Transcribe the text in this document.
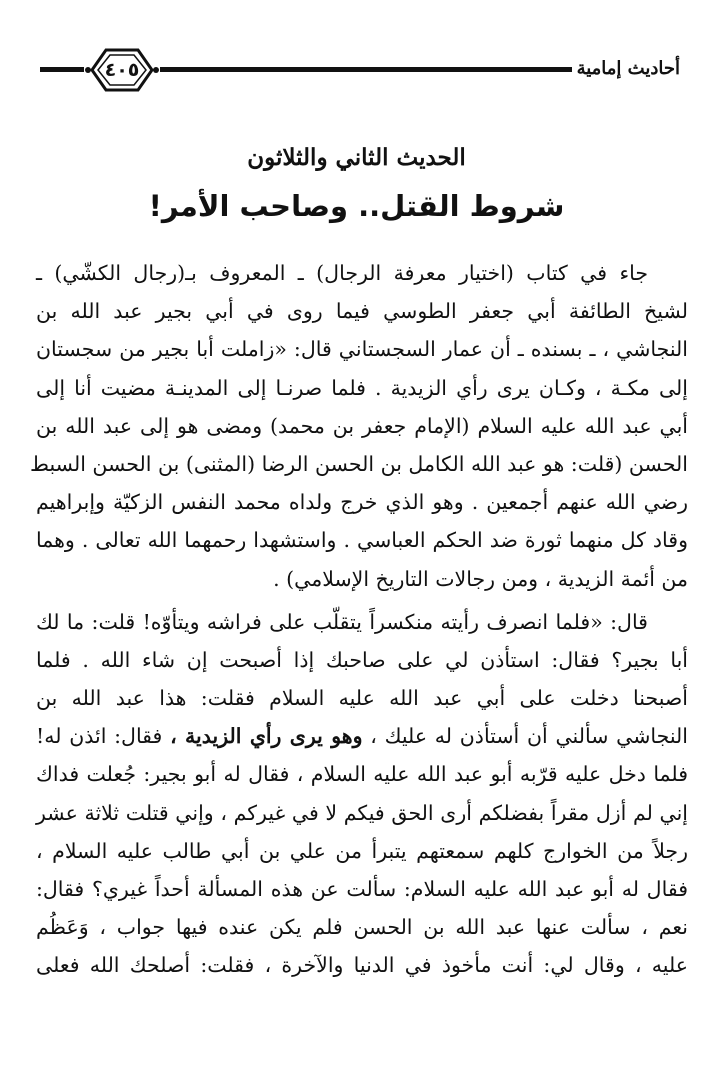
٤٠٥	أحاديث إمامية
الحديث الثاني والثلاثون
شروط القتل.. وصاحب الأمر!
جاء في كتاب (اختيار معرفة الرجال) ـ المعروف بـ(رجال الكشّي) ـ
لشيخ الطائفة أبي جعفر الطوسي فيما روى في أبي بجير عبد الله بن
النجاشي ، ـ بسنده ـ أن عمار السجستاني قال: «زاملت أبا بجير من سجستان
إلى مكـة ، وكـان يرى رأي الزيدية . فلما صرنـا إلى المدينـة مضيت أنا إلى
أبي عبد الله عليه السلام (الإمام جعفر بن محمد) ومضى هو إلى عبد الله بن
الحسن (قلت: هو عبد الله الكامل بن الحسن الرضا (المثنى) بن الحسن السبط
رضي الله عنهم أجمعين . وهو الذي خرج ولداه محمد النفس الزكيّة وإبراهيم
وقاد كل منهما ثورة ضد الحكم العباسي . واستشهدا رحمهما الله تعالى . وهما
من أئمة الزيدية ، ومن رجالات التاريخ الإسلامي) .
قال: «فلما انصرف رأيته منكسراً يتقلّب على فراشه ويتأوّه! قلت: ما لك
أبا بجير؟ فقال: استأذن لي على صاحبك إذا أصبحت إن شاء الله . فلما
أصبحنا دخلت على أبي عبد الله عليه السلام فقلت: هذا عبد الله بن
النجاشي سألني أن أستأذن له عليك ، وهو يرى رأي الزيدية ، فقال: ائذن له!
فلما دخل عليه قرّبه أبو عبد الله عليه السلام ، فقال له أبو بجير: جُعلت فداك
إني لم أزل مقراً بفضلكم أرى الحق فيكم لا في غيركم ، وإني قتلت ثلاثة عشر
رجلاً من الخوارج كلهم سمعتهم يتبرأ من علي بن أبي طالب عليه السلام ،
فقال له أبو عبد الله عليه السلام: سألت عن هذه المسألة أحداً غيري؟ فقال:
نعم ، سألت عنها عبد الله بن الحسن فلم يكن عنده فيها جواب ، وَعَظُم
عليه ، وقال لي: أنت مأخوذ في الدنيا والآخرة ، فقلت: أصلحك الله فعلى
